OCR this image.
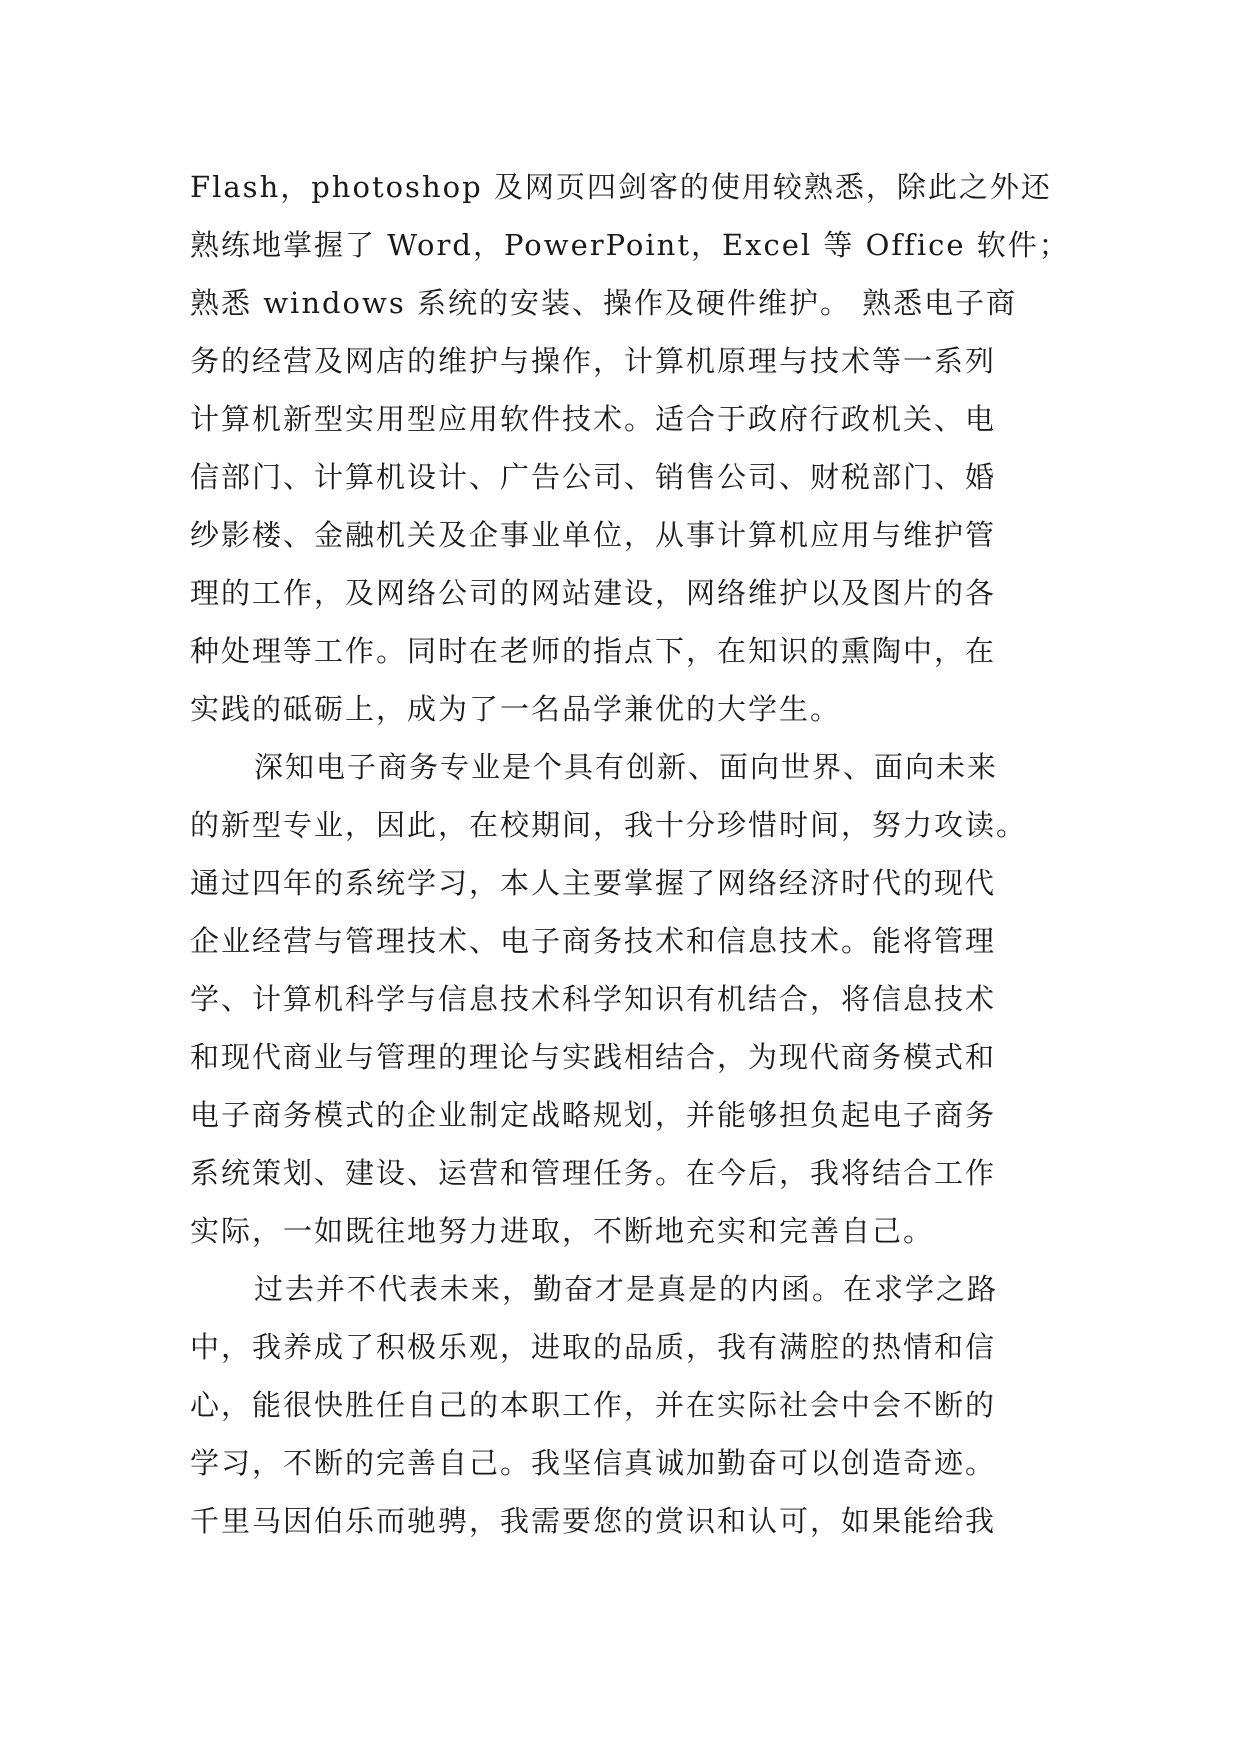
Flash，photoshop 及网页四剑客的使用较熟悉，除此之外还
熟练地掌握了 Word，PowerPoint，Excel 等 Office 软件；
熟悉 windows 系统的安装、操作及硬件维护。 熟悉电子商
务的经营及网店的维护与操作，计算机原理与技术等一系列
计算机新型实用型应用软件技术。适合于政府行政机关、电
信部门、计算机设计、广告公司、销售公司、财税部门、婚
纱影楼、金融机关及企事业单位，从事计算机应用与维护管
理的工作，及网络公司的网站建设，网络维护以及图片的各
种处理等工作。同时在老师的指点下，在知识的熏陶中，在
实践的砥砺上，成为了一名品学兼优的大学生。
深知电子商务专业是个具有创新、面向世界、面向未来
的新型专业，因此，在校期间，我十分珍惜时间，努力攻读。
通过四年的系统学习，本人主要掌握了网络经济时代的现代
企业经营与管理技术、电子商务技术和信息技术。能将管理
学、计算机科学与信息技术科学知识有机结合，将信息技术
和现代商业与管理的理论与实践相结合，为现代商务模式和
电子商务模式的企业制定战略规划，并能够担负起电子商务
系统策划、建设、运营和管理任务。在今后，我将结合工作
实际，一如既往地努力进取，不断地充实和完善自己。
过去并不代表未来，勤奋才是真是的内函。在求学之路
中，我养成了积极乐观，进取的品质，我有满腔的热情和信
心，能很快胜任自己的本职工作，并在实际社会中会不断的
学习，不断的完善自己。我坚信真诚加勤奋可以创造奇迹。
千里马因伯乐而驰骋，我需要您的赏识和认可，如果能给我
